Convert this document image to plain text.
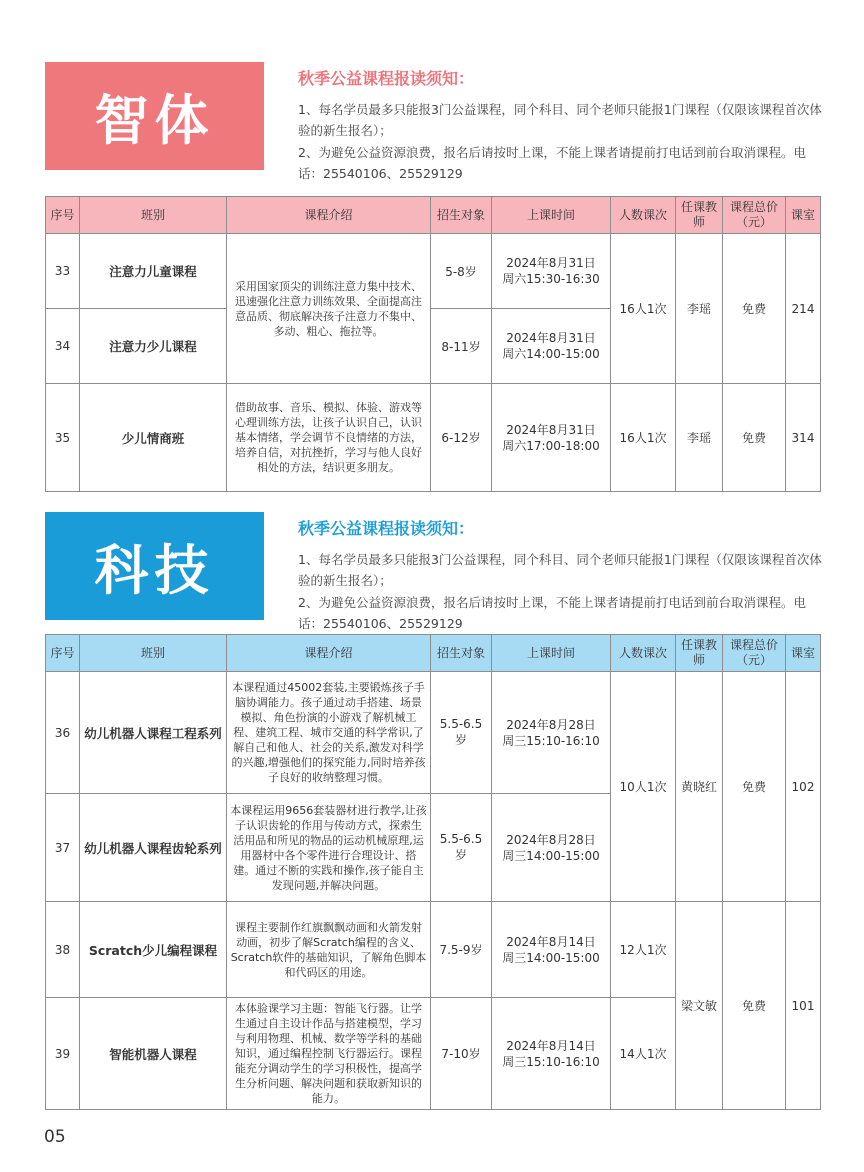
智体
秋季公益课程报读须知：
1、每名学员最多只能报3门公益课程，同个科目、同个老师只能报1门课程（仅限该课程首次体验的新生报名）；
2、为避免公益资源浪费，报名后请按时上课，不能上课者请提前打电话到前台取消课程。电话：25540106、25529129
序号	班别	课程介绍	招生对象	上课时间	人数课次	任课教师	课程总价（元）	课室
33	注意力儿童课程	采用国家顶尖的训练注意力集中技术、迅速强化注意力训练效果、全面提高注意品质、彻底解决孩子注意力不集中、多动、粗心、拖拉等。	5-8岁	2024年8月31日
周六15:30-16:30	16人1次	李瑶	免费	214
34	注意力少儿课程		8-11岁	2024年8月31日
周六14:00-15:00				
35	少儿情商班	借助故事、音乐、模拟、体验、游戏等心理训练方法，让孩子认识自己，认识基本情绪，学会调节不良情绪的方法，培养自信，对抗挫折，学习与他人良好相处的方法，结识更多朋友。	6-12岁	2024年8月31日
周六17:00-18:00	16人1次	李瑶	免费	314
科技
秋季公益课程报读须知：
1、每名学员最多只能报3门公益课程，同个科目、同个老师只能报1门课程（仅限该课程首次体验的新生报名）；
2、为避免公益资源浪费，报名后请按时上课，不能上课者请提前打电话到前台取消课程。电话：25540106、25529129
序号	班别	课程介绍	招生对象	上课时间	人数课次	任课教师	课程总价（元）	课室
36	幼儿机器人课程工程系列	本课程通过45002套装,主要锻炼孩子手脑协调能力。孩子通过动手搭建、场景模拟、角色扮演的小游戏了解机械工程、建筑工程、城市交通的科学常识,了解自己和他人、社会的关系,激发对科学的兴趣,增强他们的探究能力,同时培养孩子良好的收纳整理习惯。	5.5-6.5岁	2024年8月28日
周三15:10-16:10	10人1次	黄晓红	免费	102
37	幼儿机器人课程齿轮系列	本课程运用9656套装器材进行教学,让孩子认识齿轮的作用与传动方式，探索生活用品和所见的物品的运动机械原理,运用器材中各个零件进行合理设计、搭建。通过不断的实践和操作,孩子能自主发现问题,并解决问题。	5.5-6.5岁	2024年8月28日
周三14:00-15:00				
38	Scratch少儿编程课程	课程主要制作红旗飘飘动画和火箭发射动画，初步了解Scratch编程的含义、Scratch软件的基础知识，了解角色脚本和代码区的用途。	7.5-9岁	2024年8月14日
周三14:00-15:00	12人1次	梁文敏	免费	101
39	智能机器人课程	本体验课学习主题：智能飞行器。让学生通过自主设计作品与搭建模型，学习与利用物理、机械、数学等学科的基础知识，通过编程控制飞行器运行。课程能充分调动学生的学习积极性，提高学生分析问题、解决问题和获取新知识的能力。	7-10岁	2024年8月14日
周三15:10-16:10	14人1次			
05
